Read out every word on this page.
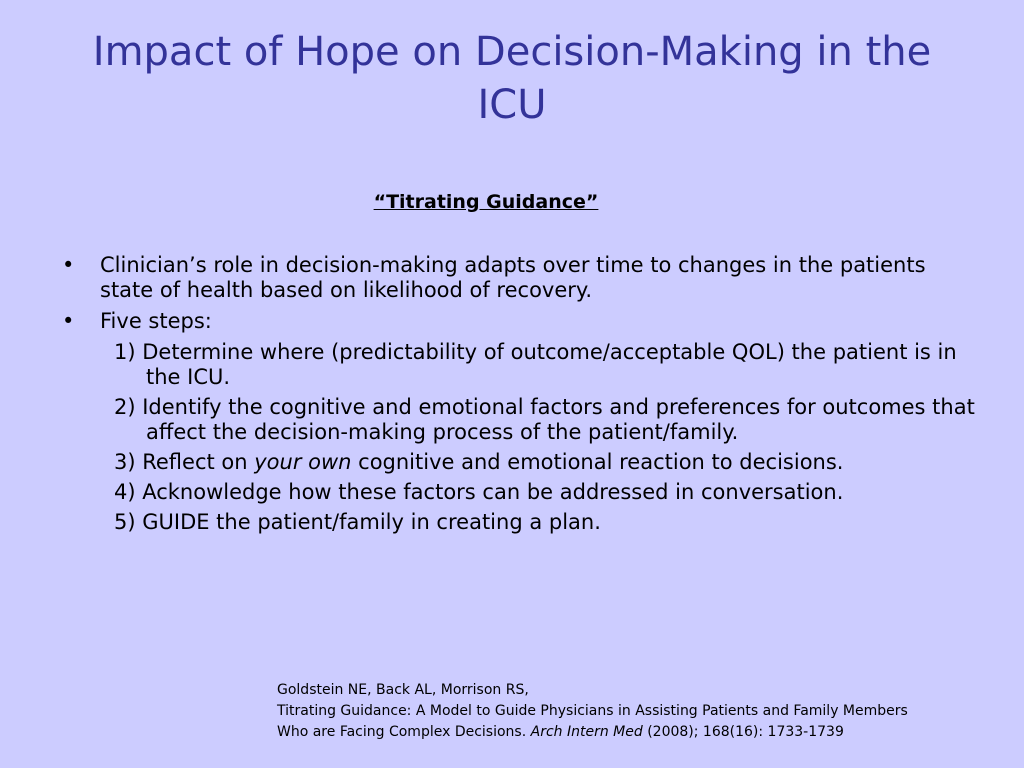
Impact of Hope on Decision-Making in the ICU

“Titrating Guidance”

• Clinician’s role in decision-making adapts over time to changes in the patients state of health based on likelihood of recovery.
• Five steps:
1) Determine where (predictability of outcome/acceptable QOL) the patient is in the ICU.
2) Identify the cognitive and emotional factors and preferences for outcomes that affect the decision-making process of the patient/family.
3) Reflect on your own cognitive and emotional reaction to decisions.
4) Acknowledge how these factors can be addressed in conversation.
5) GUIDE the patient/family in creating a plan.
Goldstein NE, Back AL, Morrison RS,
Titrating Guidance: A Model to Guide Physicians in Assisting Patients and Family Members
Who are Facing Complex Decisions. Arch Intern Med (2008); 168(16): 1733-1739
